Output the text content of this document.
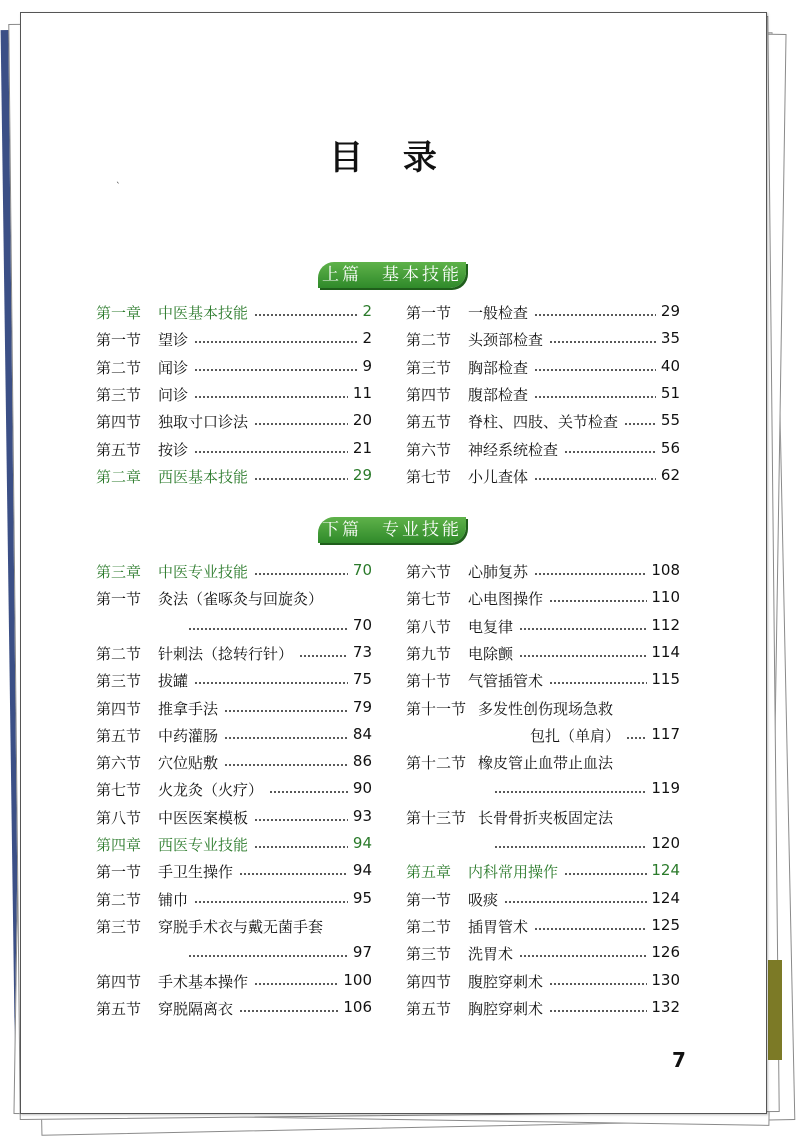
目 录
`
上篇　基本技能
下篇　专业技能
第一章 中医基本技能	2
第一节 望诊	2
第二节 闻诊	9
第三节 问诊	11
第四节 独取寸口诊法	20
第五节 按诊	21
第二章 西医基本技能	29
第一节 一般检查	29
第二节 头颈部检查	35
第三节 胸部检查	40
第四节 腹部检查	51
第五节 脊柱、四肢、关节检查	55
第六节 神经系统检查	56
第七节 小儿查体	62
第三章 中医专业技能	70
第一节 灸法（雀啄灸与回旋灸）
70
第二节 针刺法（捻转行针）	73
第三节 拔罐	75
第四节 推拿手法	79
第五节 中药灌肠	84
第六节 穴位贴敷	86
第七节 火龙灸（火疗）	90
第八节 中医医案模板	93
第四章 西医专业技能	94
第一节 手卫生操作	94
第二节 铺巾	95
第三节 穿脱手术衣与戴无菌手套
97
第四节 手术基本操作	100
第五节 穿脱隔离衣	106
第六节 心肺复苏	108
第七节 心电图操作	110
第八节 电复律	112
第九节 电除颤	114
第十节 气管插管术	115
第十一节 多发性创伤现场急救
包扎（单肩）	117
第十二节 橡皮管止血带止血法
119
第十三节 长骨骨折夹板固定法
120
第五章 内科常用操作	124
第一节 吸痰	124
第二节 插胃管术	125
第三节 洗胃术	126
第四节 腹腔穿刺术	130
第五节 胸腔穿刺术	132
7
